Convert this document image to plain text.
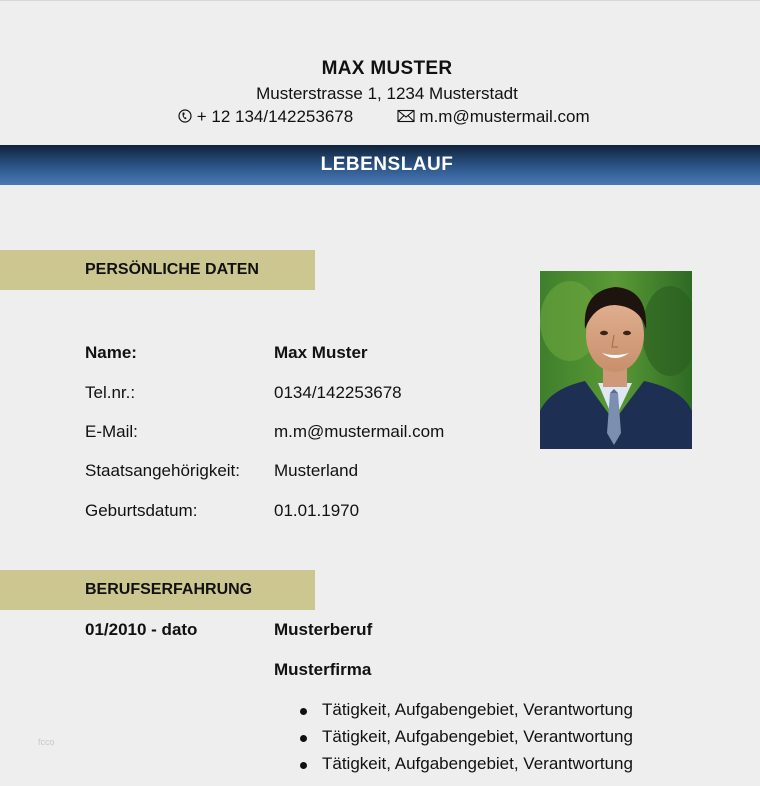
MAX MUSTER
Musterstrasse 1, 1234 Musterstadt
+ 12 134/142253678	m.m@mustermail.com
LEBENSLAUF
PERSÖNLICHE DATEN
Name:	Max Muster
Tel.nr.:	0134/142253678
E-Mail:	m.m@mustermail.com
Staatsangehörigkeit: Musterland
Geburtsdatum:	01.01.1970
BERUFSERFAHRUNG
01/2010 - dato	Musterberuf
Musterfirma
Tätigkeit, Aufgabengebiet, Verantwortung
Tätigkeit, Aufgabengebiet, Verantwortung
Tätigkeit, Aufgabengebiet, Verantwortung
fcco
